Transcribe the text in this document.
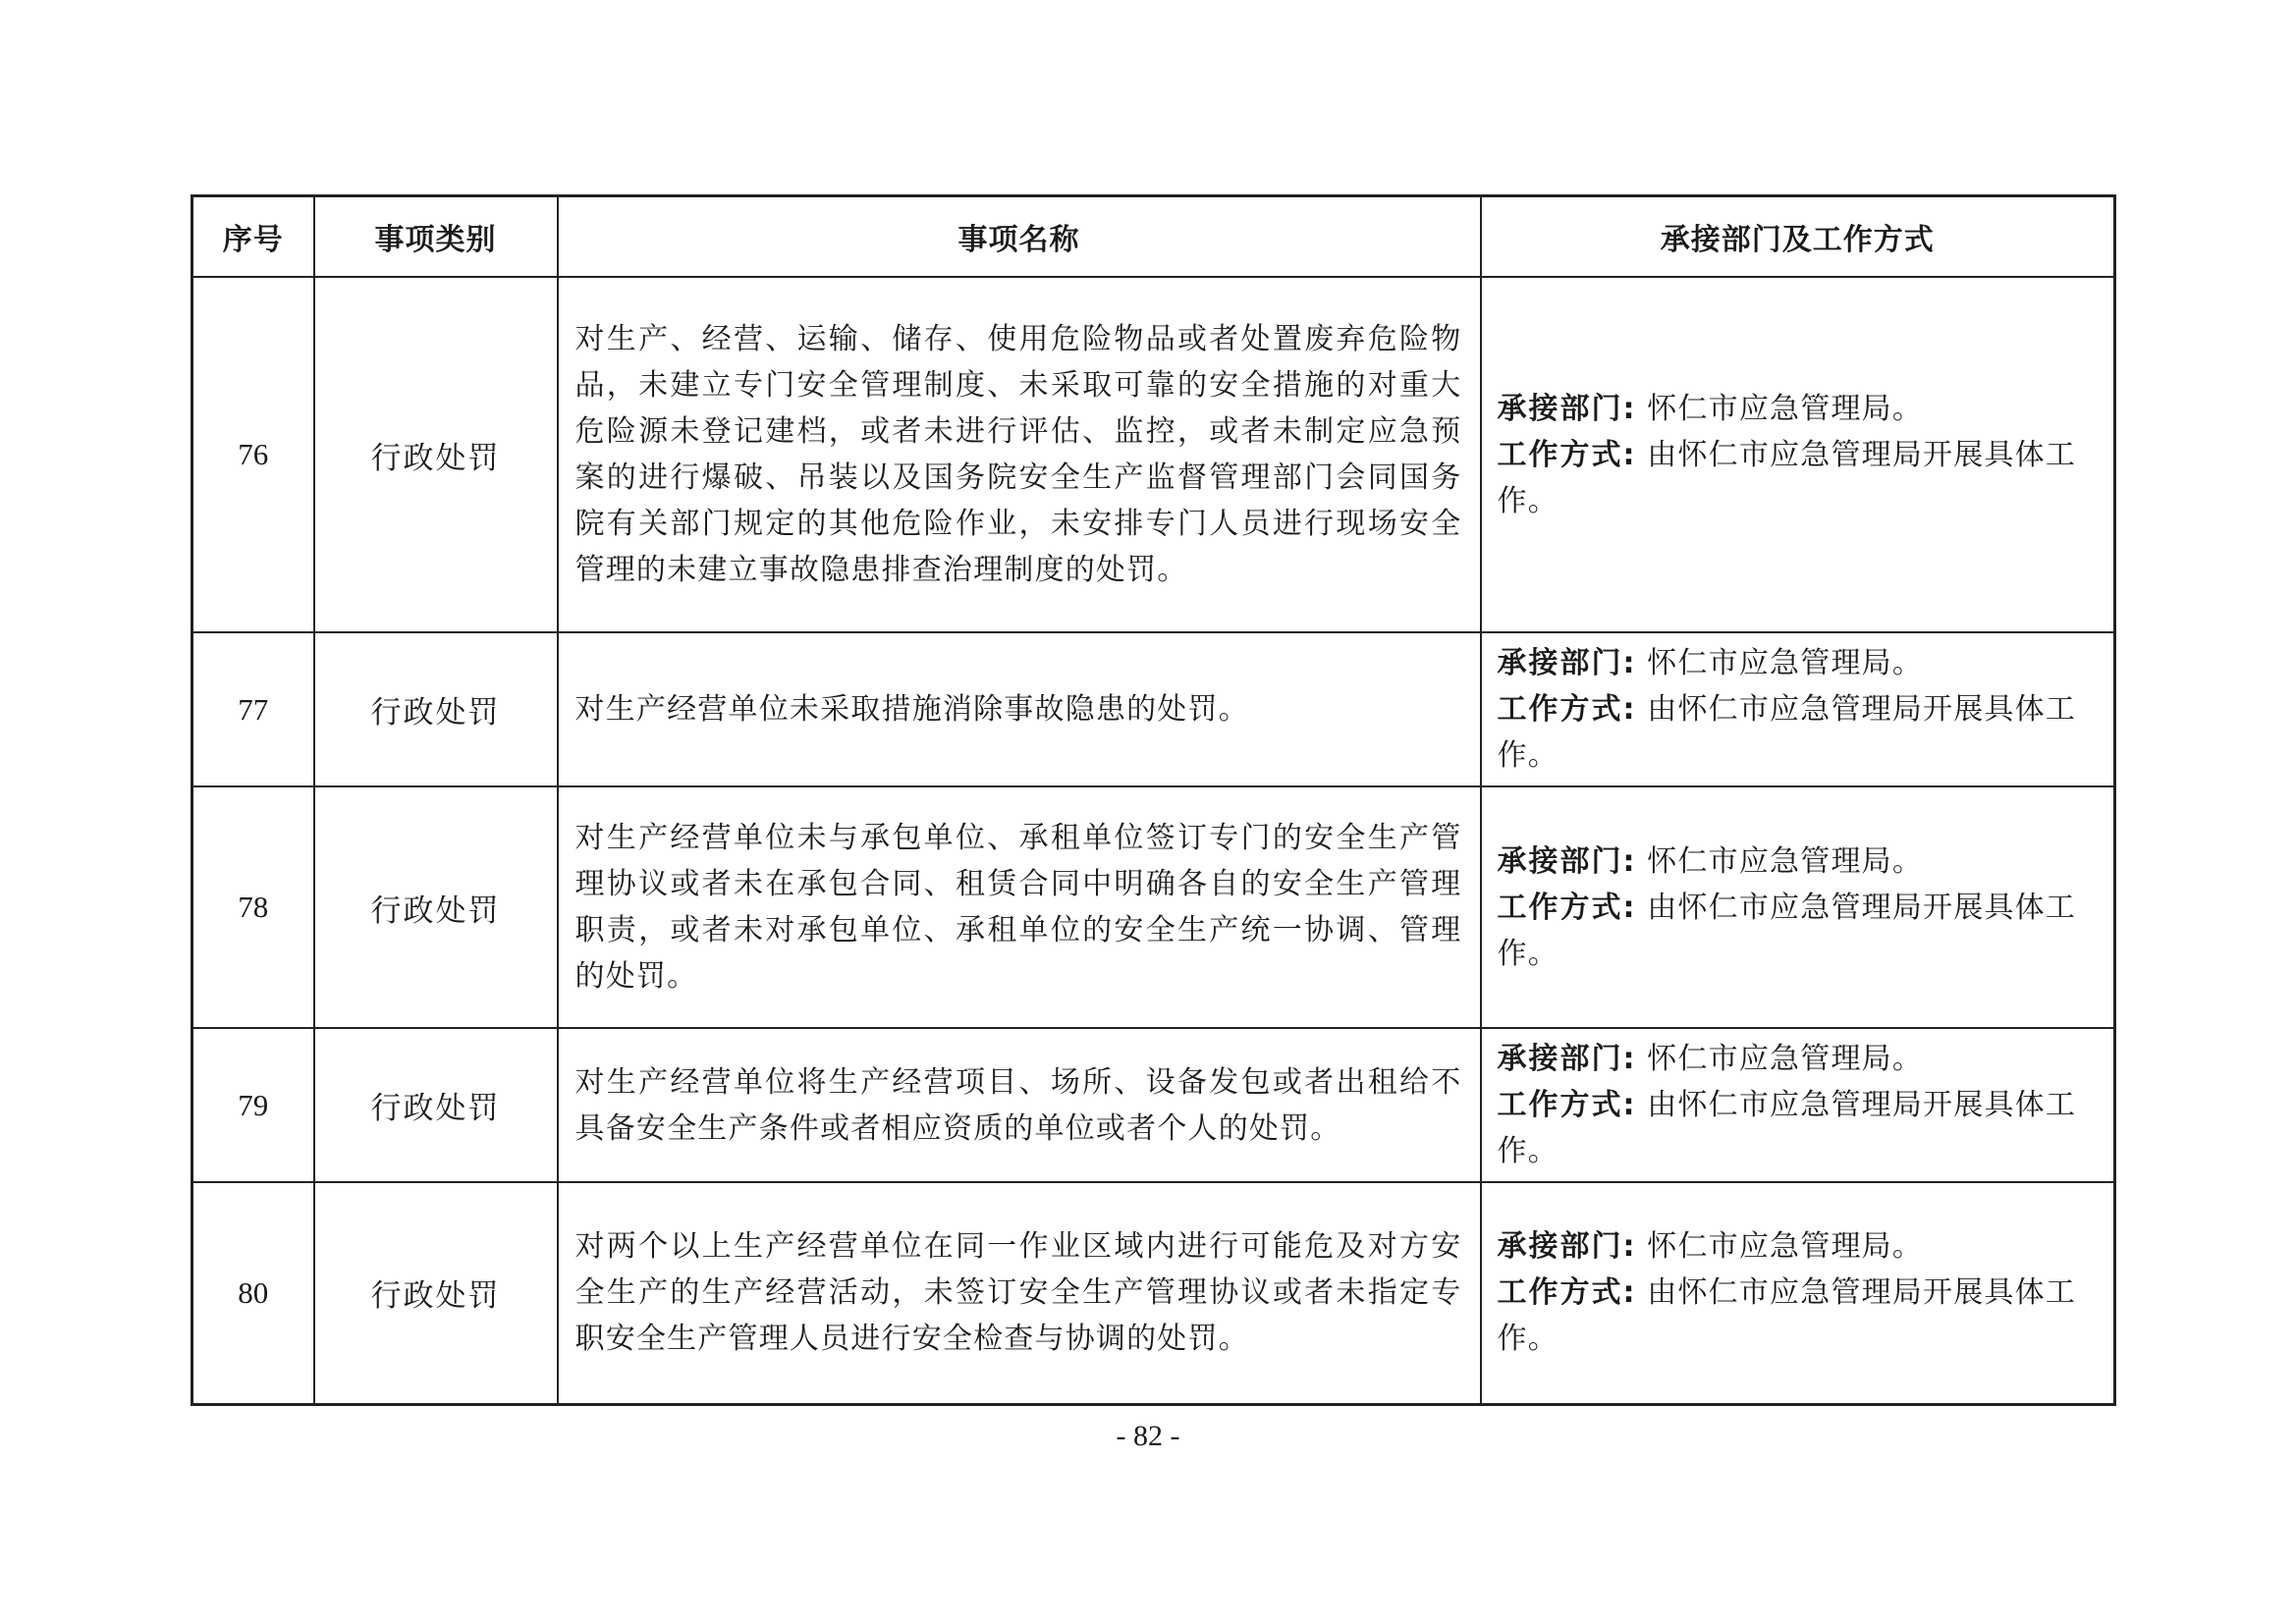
序号	事项类别	事项名称	承接部门及工作方式
76	行政处罚	对生产、经营、运输、储存、使用危险物品或者处置废弃危险物品，未建立专门安全管理制度、未采取可靠的安全措施的对重大危险源未登记建档，或者未进行评估、监控，或者未制定应急预案的进行爆破、吊装以及国务院安全生产监督管理部门会同国务院有关部门规定的其他危险作业，未安排专门人员进行现场安全管理的未建立事故隐患排查治理制度的处罚。	承接部门: 怀仁市应急管理局。
工作方式: 由怀仁市应急管理局开展具体工作。

77	行政处罚	对生产经营单位未采取措施消除事故隐患的处罚。	承接部门: 怀仁市应急管理局。
工作方式: 由怀仁市应急管理局开展具体工作。

78	行政处罚	对生产经营单位未与承包单位、承租单位签订专门的安全生产管理协议或者未在承包合同、租赁合同中明确各自的安全生产管理职责，或者未对承包单位、承租单位的安全生产统一协调、管理的处罚。	承接部门: 怀仁市应急管理局。
工作方式: 由怀仁市应急管理局开展具体工作。

79	行政处罚	对生产经营单位将生产经营项目、场所、设备发包或者出租给不具备安全生产条件或者相应资质的单位或者个人的处罚。	承接部门: 怀仁市应急管理局。
工作方式: 由怀仁市应急管理局开展具体工作。

80	行政处罚	对两个以上生产经营单位在同一作业区域内进行可能危及对方安全生产的生产经营活动，未签订安全生产管理协议或者未指定专职安全生产管理人员进行安全检查与协调的处罚。	承接部门: 怀仁市应急管理局。
工作方式: 由怀仁市应急管理局开展具体工作。
- 82 -
